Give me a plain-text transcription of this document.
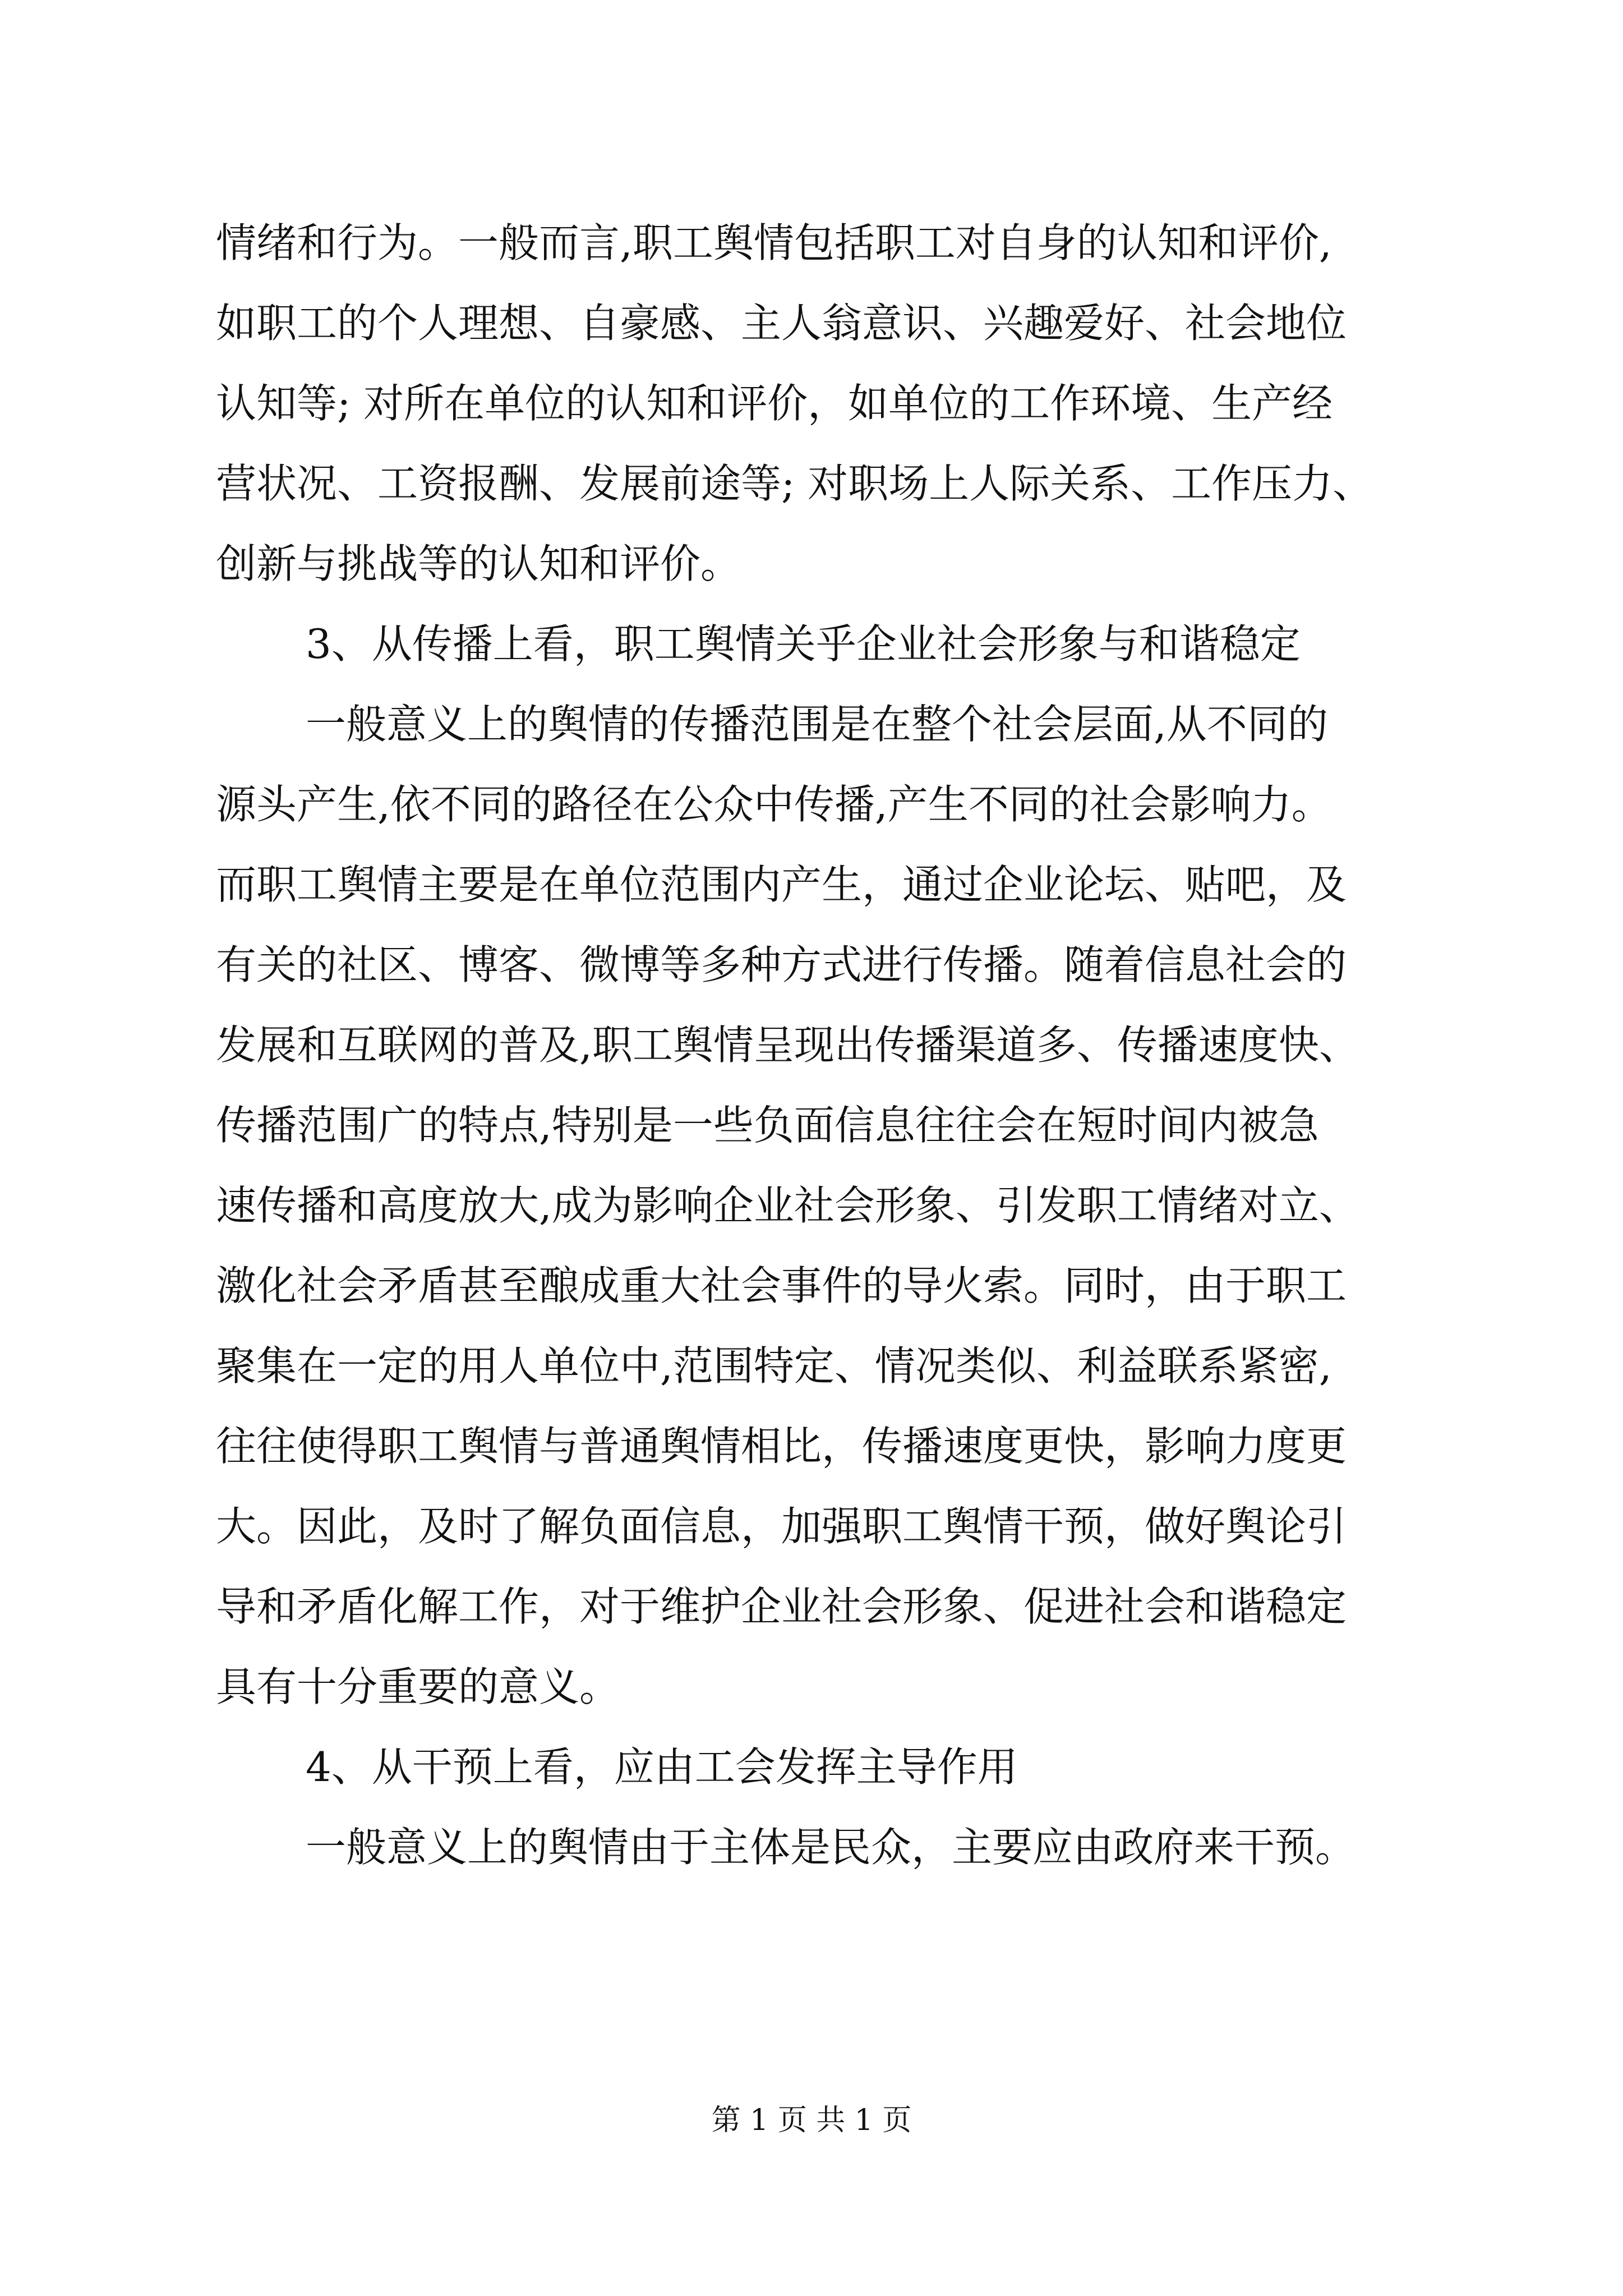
情绪和行为。一般而言,职工舆情包括职工对自身的认知和评价,
如职工的个人理想、自豪感、主人翁意识、兴趣爱好、社会地位
认知等; 对所在单位的认知和评价，如单位的工作环境、生产经
营状况、工资报酬、发展前途等; 对职场上人际关系、工作压力、
创新与挑战等的认知和评价。
3、从传播上看，职工舆情关乎企业社会形象与和谐稳定
一般意义上的舆情的传播范围是在整个社会层面,从不同的
源头产生,依不同的路径在公众中传播,产生不同的社会影响力。
而职工舆情主要是在单位范围内产生，通过企业论坛、贴吧，及
有关的社区、博客、微博等多种方式进行传播。随着信息社会的
发展和互联网的普及,职工舆情呈现出传播渠道多、传播速度快、
传播范围广的特点,特别是一些负面信息往往会在短时间内被急
速传播和高度放大,成为影响企业社会形象、引发职工情绪对立、
激化社会矛盾甚至酿成重大社会事件的导火索。同时，由于职工
聚集在一定的用人单位中,范围特定、情况类似、利益联系紧密,
往往使得职工舆情与普通舆情相比，传播速度更快，影响力度更
大。因此，及时了解负面信息，加强职工舆情干预，做好舆论引
导和矛盾化解工作，对于维护企业社会形象、促进社会和谐稳定
具有十分重要的意义。
4、从干预上看，应由工会发挥主导作用
一般意义上的舆情由于主体是民众，主要应由政府来干预。
第 1 页 共 1 页
